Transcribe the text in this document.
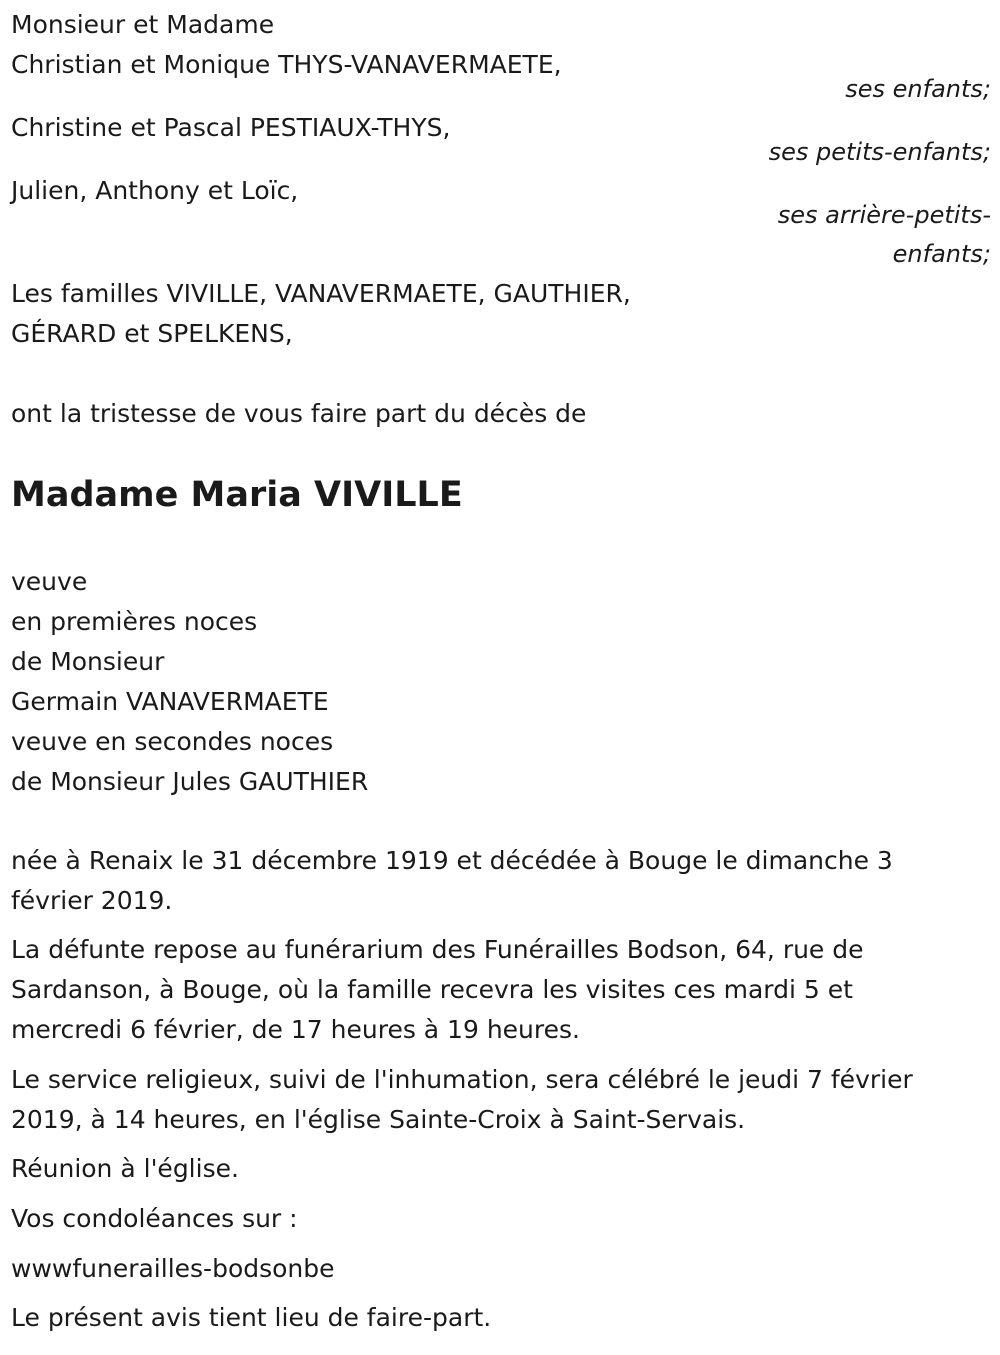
Monsieur et Madame
Christian et Monique THYS-VANAVERMAETE,
ses enfants;
Christine et Pascal PESTIAUX-THYS,
ses petits-enfants;
Julien, Anthony et Loïc,
ses arrière-petits-
enfants;
Les familles VIVILLE, VANAVERMAETE, GAUTHIER,
GÉRARD et SPELKENS,
ont la tristesse de vous faire part du décès de
Madame Maria VIVILLE
veuve
en premières noces
de Monsieur
Germain VANAVERMAETE
veuve en secondes noces
de Monsieur Jules GAUTHIER
née à Renaix le 31 décembre 1919 et décédée à Bouge le dimanche 3
février 2019.
La défunte repose au funérarium des Funérailles Bodson, 64, rue de
Sardanson, à Bouge, où la famille recevra les visites ces mardi 5 et
mercredi 6 février, de 17 heures à 19 heures.
Le service religieux, suivi de l'inhumation, sera célébré le jeudi 7 février
2019, à 14 heures, en l'église Sainte-Croix à Saint-Servais.
Réunion à l'église.
Vos condoléances sur :
wwwfunerailles-bodsonbe
Le présent avis tient lieu de faire-part.
